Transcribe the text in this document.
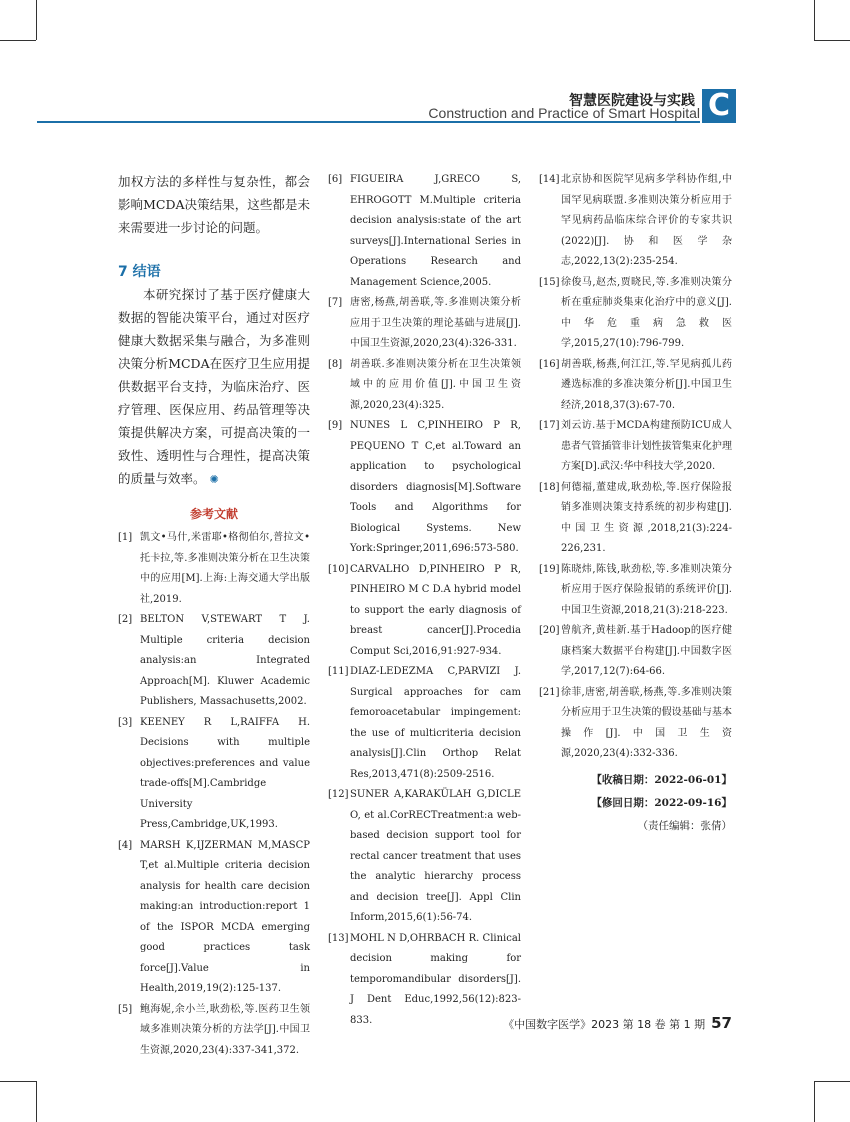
智慧医院建设与实践
Construction and Practice of Smart Hospital C

加权方法的多样性与复杂性，都会影响MCDA决策结果，这些都是未来需要进一步讨论的问题。

7 结语

本研究探讨了基于医疗健康大数据的智能决策平台，通过对医疗健康大数据采集与融合，为多准则决策分析MCDA在医疗卫生应用提供数据平台支持，为临床治疗、医疗管理、医保应用、药品管理等决策提供解决方案，可提高决策的一致性、透明性与合理性，提高决策的质量与效率。 ✺

参考文献

[1] 凯文•马什,米雷耶•格彻伯尔,普拉文•托卡拉,等.多准则决策分析在卫生决策中的应用[M].上海:上海交通大学出版社,2019.

[2] BELTON V,STEWART T J. Multiple criteria decision analysis:an Integrated Approach[M]. Kluwer Academic Publishers, Massachusetts,2002.

[3] KEENEY R L,RAIFFA H. Decisions with multiple objectives:preferences and value trade-offs[M].Cambridge University Press,Cambridge,UK,1993.

[4] MARSH K,IJZERMAN M,MASCP T,et al.Multiple criteria decision analysis for health care decision making:an introduction:report 1 of the ISPOR MCDA emerging good practices task force[J].Value in Health,2019,19(2):125-137.

[5] 鲍海妮,余小兰,耿劲松,等.医药卫生领域多准则决策分析的方法学[J].中国卫生资源,2020,23(4):337-341,372.

[6] FIGUEIRA J,GRECO S, EHROGOTT M.Multiple criteria decision analysis:state of the art surveys[J].International Series in Operations Research and Management Science,2005.

[7] 唐密,杨燕,胡善联,等.多准则决策分析应用于卫生决策的理论基础与进展[J].中国卫生资源,2020,23(4):326-331.

[8] 胡善联.多准则决策分析在卫生决策领域中的应用价值[J].中国卫生资源,2020,23(4):325.

[9] NUNES L C,PINHEIRO P R, PEQUENO T C,et al.Toward an application to psychological disorders diagnosis[M].Software Tools and Algorithms for Biological Systems. New York:Springer,2011,696:573-580.

[10] CARVALHO D,PINHEIRO P R, PINHEIRO M C D.A hybrid model to support the early diagnosis of breast cancer[J].Procedia Comput Sci,2016,91:927-934.

[11] DIAZ-LEDEZMA C,PARVIZI J. Surgical approaches for cam femoroacetabular impingement: the use of multicriteria decision analysis[J].Clin Orthop Relat Res,2013,471(8):2509-2516.

[12] SUNER A,KARAKÜLAH G,DICLE O, et al.CorRECTreatment:a web-based decision support tool for rectal cancer treatment that uses the analytic hierarchy process and decision tree[J]. Appl Clin Inform,2015,6(1):56-74.

[13] MOHL N D,OHRBACH R. Clinical decision making for temporomandibular disorders[J]. J Dent Educ,1992,56(12):823-833.

[14] 北京协和医院罕见病多学科协作组,中国罕见病联盟.多准则决策分析应用于罕见病药品临床综合评价的专家共识(2022)[J].协和医学杂志,2022,13(2):235-254.

[15] 徐俊马,赵杰,贾晓民,等.多准则决策分析在重症肺炎集束化治疗中的意义[J].中华危重病急救医学,2015,27(10):796-799.

[16] 胡善联,杨燕,何江江,等.罕见病孤儿药遴选标准的多准决策分析[J].中国卫生经济,2018,37(3):67-70.

[17] 刘云访.基于MCDA构建预防ICU成人患者气管插管非计划性拔管集束化护理方案[D].武汉:华中科技大学,2020.

[18] 何德福,董建成,耿劲松,等.医疗保险报销多准则决策支持系统的初步构建[J].中国卫生资源,2018,21(3):224-226,231.

[19] 陈晓炜,陈钱,耿劲松,等.多准则决策分析应用于医疗保险报销的系统评价[J].中国卫生资源,2018,21(3):218-223.

[20] 曾航齐,黄桂新.基于Hadoop的医疗健康档案大数据平台构建[J].中国数字医学,2017,12(7):64-66.

[21] 徐菲,唐密,胡善联,杨燕,等.多准则决策分析应用于卫生决策的假设基础与基本操作[J].中国卫生资源,2020,23(4):332-336.

【收稿日期：2022-06-01】

【修回日期：2022-09-16】

（责任编辑：张倩）

《中国数字医学》2023 第 18 卷 第 1 期 57
